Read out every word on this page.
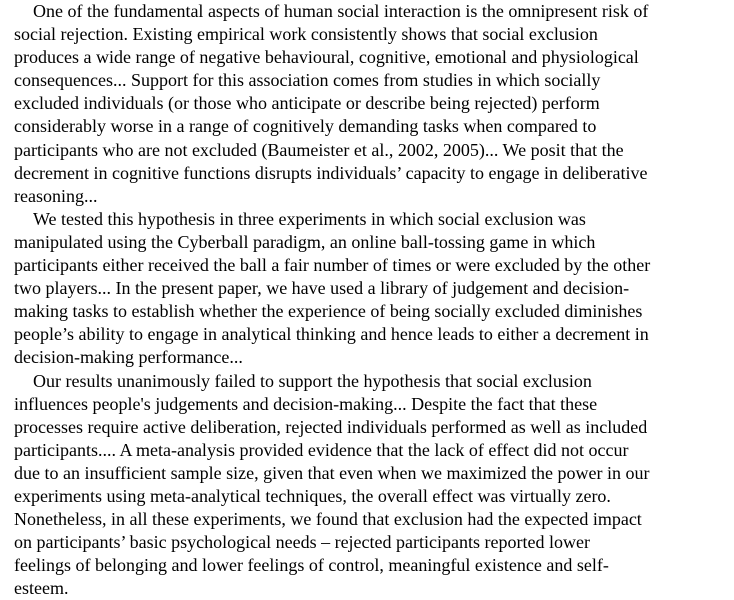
One of the fundamental aspects of human social interaction is the omnipresent risk of
social rejection. Existing empirical work consistently shows that social exclusion
produces a wide range of negative behavioural, cognitive, emotional and physiological
consequences... Support for this association comes from studies in which socially
excluded individuals (or those who anticipate or describe being rejected) perform
considerably worse in a range of cognitively demanding tasks when compared to
participants who are not excluded (Baumeister et al., 2002, 2005)... We posit that the
decrement in cognitive functions disrupts individuals’ capacity to engage in deliberative
reasoning...
We tested this hypothesis in three experiments in which social exclusion was
manipulated using the Cyberball paradigm, an online ball-tossing game in which
participants either received the ball a fair number of times or were excluded by the other
two players... In the present paper, we have used a library of judgement and decision-
making tasks to establish whether the experience of being socially excluded diminishes
people’s ability to engage in analytical thinking and hence leads to either a decrement in
decision-making performance...
Our results unanimously failed to support the hypothesis that social exclusion
influences people's judgements and decision-making... Despite the fact that these
processes require active deliberation, rejected individuals performed as well as included
participants.... A meta-analysis provided evidence that the lack of effect did not occur
due to an insufficient sample size, given that even when we maximized the power in our
experiments using meta-analytical techniques, the overall effect was virtually zero.
Nonetheless, in all these experiments, we found that exclusion had the expected impact
on participants’ basic psychological needs – rejected participants reported lower
feelings of belonging and lower feelings of control, meaningful existence and self-
esteem.
